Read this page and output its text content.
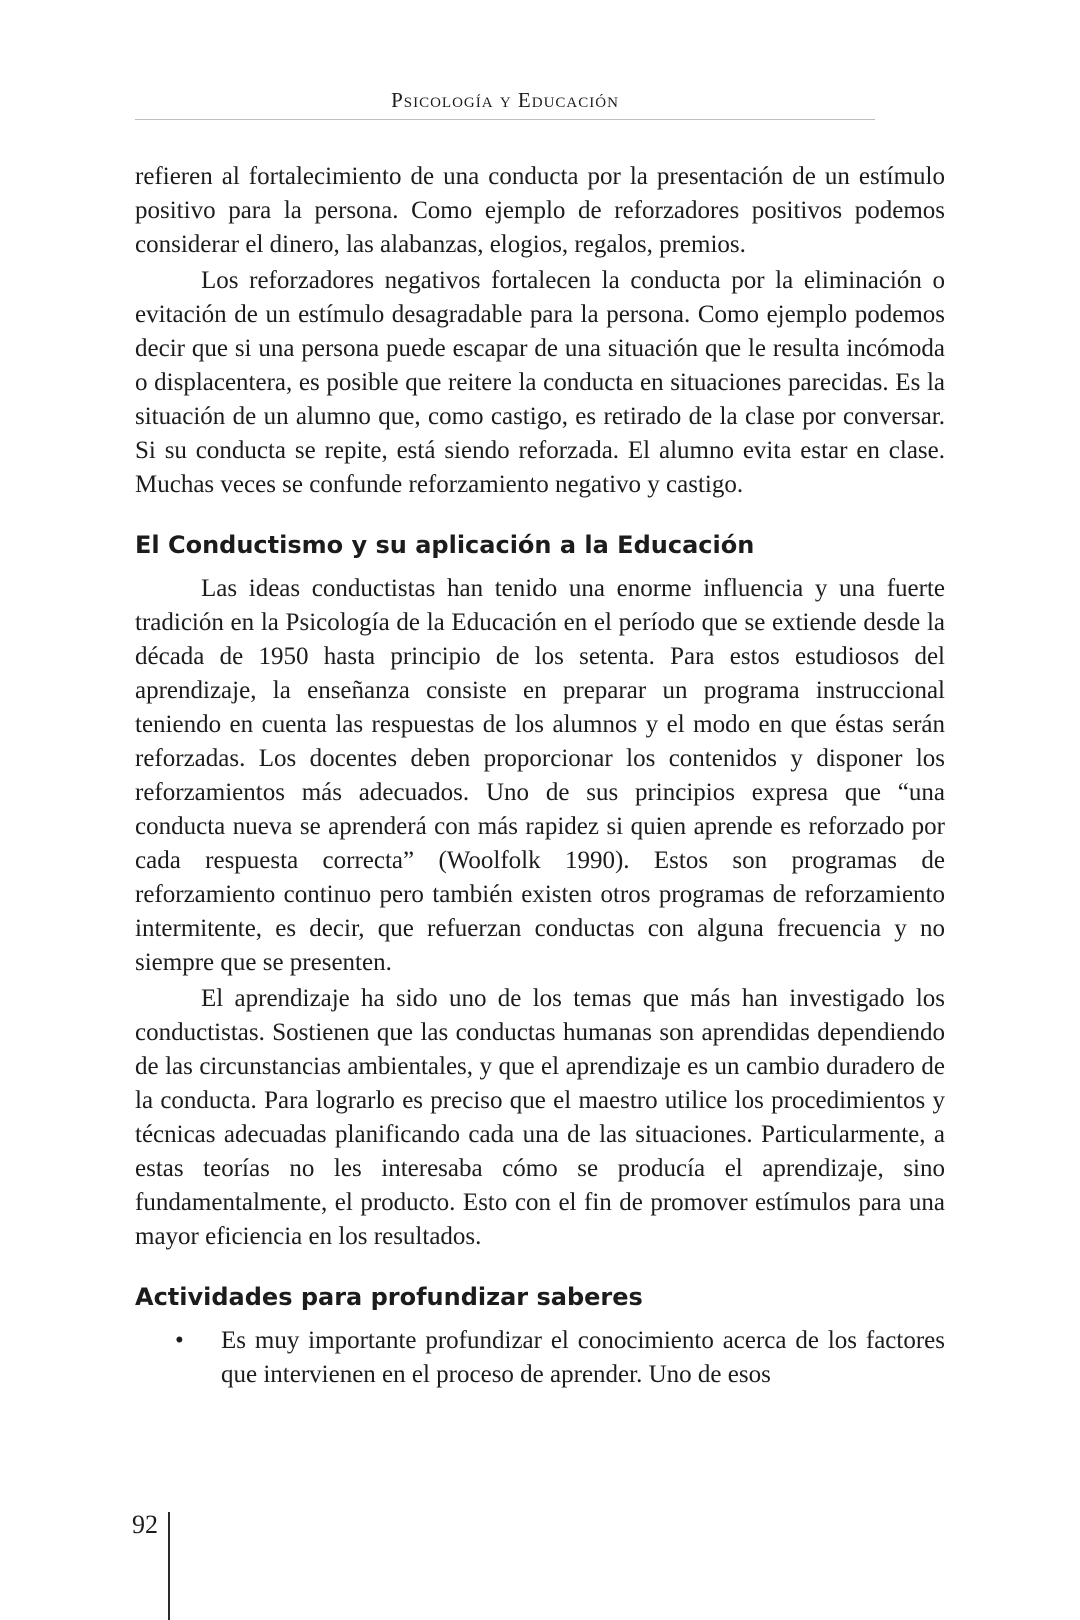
Psicología y Educación

refieren al fortalecimiento de una conducta por la presentación de un estímulo positivo para la persona. Como ejemplo de reforzadores positivos podemos considerar el dinero, las alabanzas, elogios, regalos, premios.

Los reforzadores negativos fortalecen la conducta por la eliminación o evitación de un estímulo desagradable para la persona. Como ejemplo podemos decir que si una persona puede escapar de una situación que le resulta incómoda o displacentera, es posible que reitere la conducta en situaciones parecidas. Es la situación de un alumno que, como castigo, es retirado de la clase por conversar. Si su conducta se repite, está siendo reforzada. El alumno evita estar en clase. Muchas veces se confunde reforzamiento negativo y castigo.

El Conductismo y su aplicación a la Educación

Las ideas conductistas han tenido una enorme influencia y una fuerte tradición en la Psicología de la Educación en el período que se extiende desde la década de 1950 hasta principio de los setenta. Para estos estudiosos del aprendizaje, la enseñanza consiste en preparar un programa instruccional teniendo en cuenta las respuestas de los alumnos y el modo en que éstas serán reforzadas. Los docentes deben proporcionar los contenidos y disponer los reforzamientos más adecuados. Uno de sus principios expresa que “una conducta nueva se aprenderá con más rapidez si quien aprende es reforzado por cada respuesta correcta” (Woolfolk 1990). Estos son programas de reforzamiento continuo pero también existen otros programas de reforzamiento intermitente, es decir, que refuerzan conductas con alguna frecuencia y no siempre que se presenten.

El aprendizaje ha sido uno de los temas que más han investigado los conductistas. Sostienen que las conductas humanas son aprendidas dependiendo de las circunstancias ambientales, y que el aprendizaje es un cambio duradero de la conducta. Para lograrlo es preciso que el maestro utilice los procedimientos y técnicas adecuadas planificando cada una de las situaciones. Particularmente, a estas teorías no les interesaba cómo se producía el aprendizaje, sino fundamentalmente, el producto. Esto con el fin de promover estímulos para una mayor eficiencia en los resultados.

Actividades para profundizar saberes
• Es muy importante profundizar el conocimiento acerca de los factores que intervienen en el proceso de aprender. Uno de esos
92
